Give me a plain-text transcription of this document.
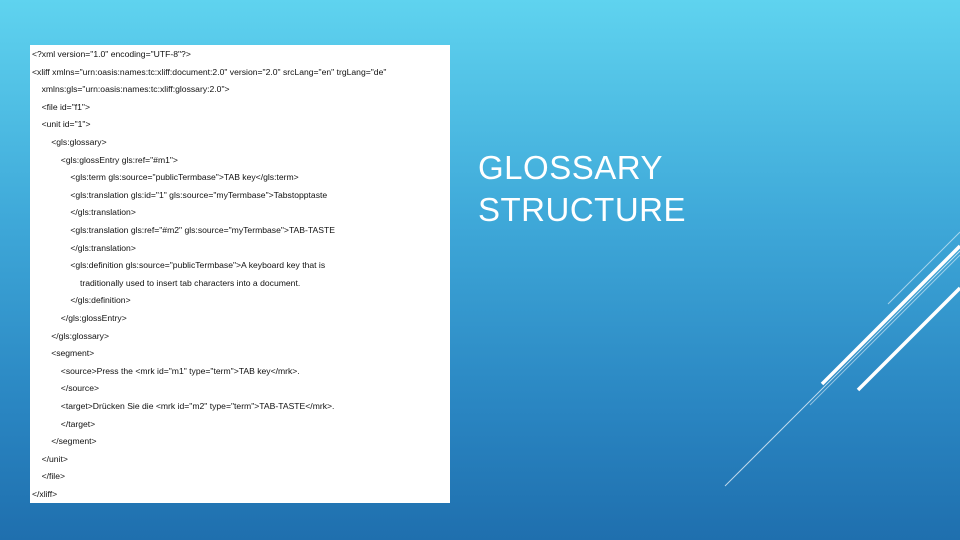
<?xml version="1.0" encoding="UTF-8"?>
<xliff xmlns="urn:oasis:names:tc:xliff:document:2.0" version="2.0" srcLang="en" trgLang="de"
xmlns:gls="urn:oasis:names:tc:xliff:glossary:2.0">
<file id="f1">
<unit id="1">
<gls:glossary>
<gls:glossEntry gls:ref="#m1">
<gls:term gls:source="publicTermbase">TAB key</gls:term>
<gls:translation gls:id="1" gls:source="myTermbase">Tabstopptaste
</gls:translation>
<gls:translation gls:ref="#m2" gls:source="myTermbase">TAB-TASTE
</gls:translation>
<gls:definition gls:source="publicTermbase">A keyboard key that is
traditionally used to insert tab characters into a document.
</gls:definition>
</gls:glossEntry>
</gls:glossary>
<segment>
<source>Press the <mrk id="m1" type="term">TAB key</mrk>.
</source>
<target>Drücken Sie die <mrk id="m2" type="term">TAB-TASTE</mrk>.
</target>
</segment>
</unit>
</file>
</xliff>
GLOSSARY
STRUCTURE
